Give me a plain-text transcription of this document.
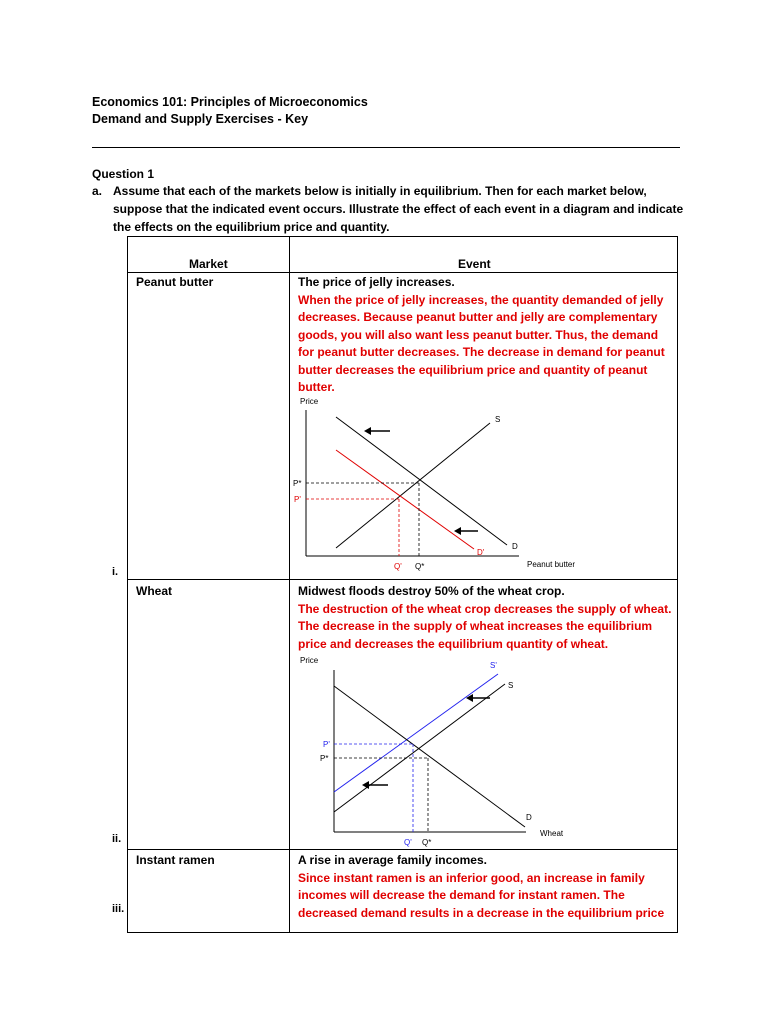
Economics 101: Principles of Microeconomics
Demand and Supply Exercises - Key
Question 1
a. Assume that each of the markets below is initially in equilibrium. Then for each market below, suppose that the indicated event occurs. Illustrate the effect of each event in a diagram and indicate the effects on the equilibrium price and quantity.
i.
ii.
iii.
Market	Event
Peanut butter	The price of jelly increases.
When the price of jelly increases, the quantity demanded of jelly decreases. Because peanut butter and jelly are complementary goods, you will also want less peanut butter. Thus, the demand for peanut butter decreases. The decrease in demand for peanut butter decreases the equilibrium price and quantity of peanut butter.
Price
Peanut butter
S
D
D'
P*
P'
Q' Q*
Wheat	Midwest floods destroy 50% of the wheat crop.
The destruction of the wheat crop decreases the supply of wheat. The decrease in the supply of wheat increases the equilibrium price and decreases the equilibrium quantity of wheat.
Price
Wheat
S'
S
D
P'
P*
Q' Q*
Instant ramen	A rise in average family incomes.
Since instant ramen is an inferior good, an increase in family incomes will decrease the demand for instant ramen. The decreased demand results in a decrease in the equilibrium price
